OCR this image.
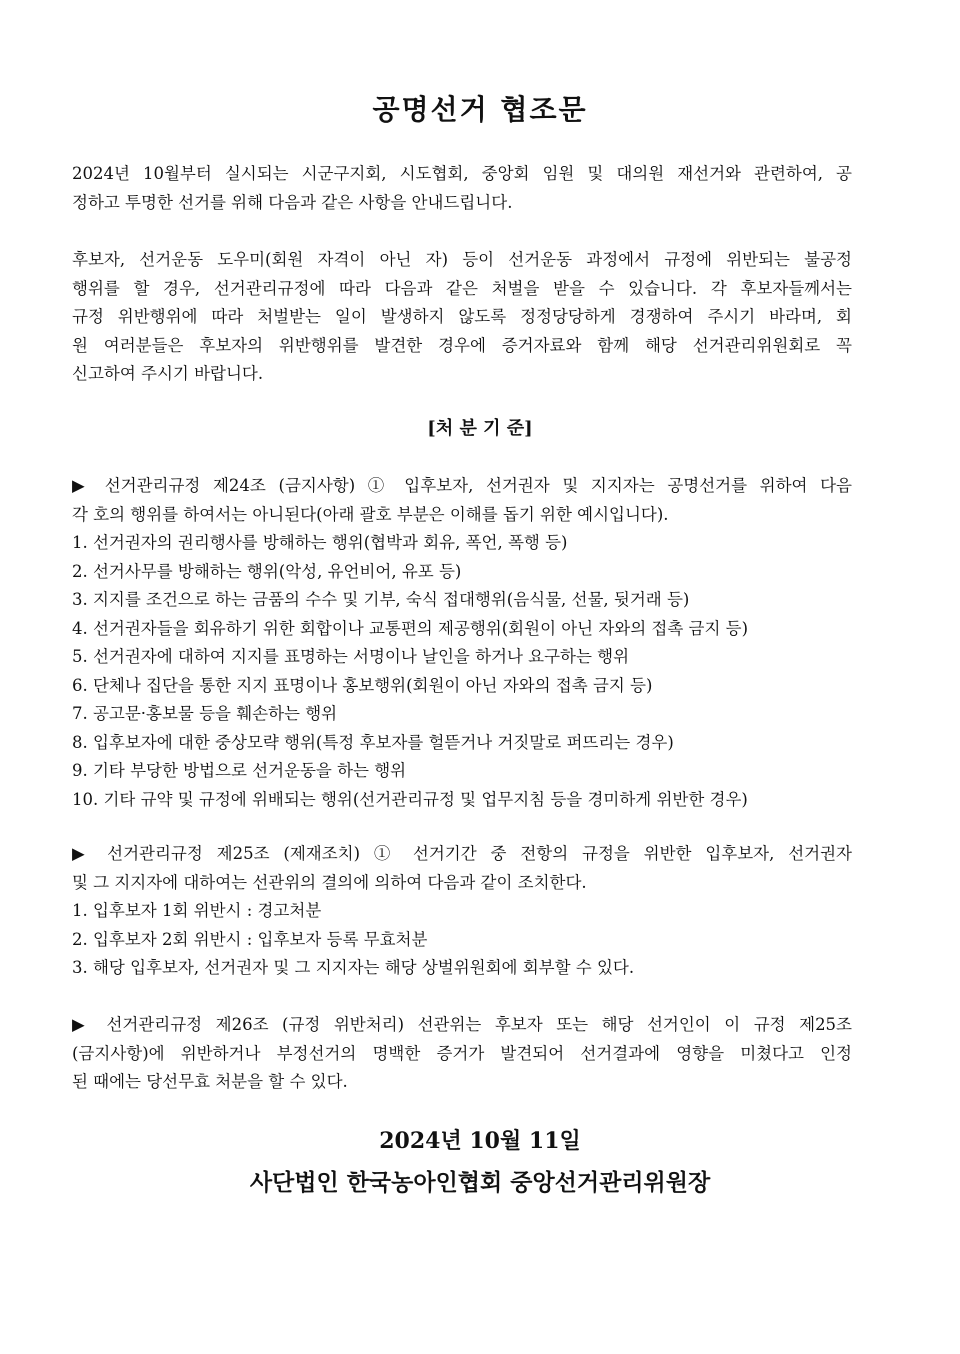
공명선거 협조문
2024년 10월부터 실시되는 시군구지회, 시도협회, 중앙회 임원 및 대의원 재선거와 관련하여, 공
정하고 투명한 선거를 위해 다음과 같은 사항을 안내드립니다.
후보자, 선거운동 도우미(회원 자격이 아닌 자) 등이 선거운동 과정에서 규정에 위반되는 불공정
행위를 할 경우, 선거관리규정에 따라 다음과 같은 처벌을 받을 수 있습니다. 각 후보자들께서는
규정 위반행위에 따라 처벌받는 일이 발생하지 않도록 정정당당하게 경쟁하여 주시기 바라며, 회
원 여러분들은 후보자의 위반행위를 발견한 경우에 증거자료와 함께 해당 선거관리위원회로 꼭
신고하여 주시기 바랍니다.
[처 분 기 준]
▶ 선거관리규정 제24조 (금지사항) ① 입후보자, 선거권자 및 지지자는 공명선거를 위하여 다음
각 호의 행위를 하여서는 아니된다(아래 괄호 부분은 이해를 돕기 위한 예시입니다).
1. 선거권자의 권리행사를 방해하는 행위(협박과 회유, 폭언, 폭행 등)
2. 선거사무를 방해하는 행위(악성, 유언비어, 유포 등)
3. 지지를 조건으로 하는 금품의 수수 및 기부, 숙식 접대행위(음식물, 선물, 뒷거래 등)
4. 선거권자들을 회유하기 위한 회합이나 교통편의 제공행위(회원이 아닌 자와의 접촉 금지 등)
5. 선거권자에 대하여 지지를 표명하는 서명이나 날인을 하거나 요구하는 행위
6. 단체나 집단을 통한 지지 표명이나 홍보행위(회원이 아닌 자와의 접촉 금지 등)
7. 공고문·홍보물 등을 훼손하는 행위
8. 입후보자에 대한 중상모략 행위(특정 후보자를 헐뜯거나 거짓말로 퍼뜨리는 경우)
9. 기타 부당한 방법으로 선거운동을 하는 행위
10. 기타 규약 및 규정에 위배되는 행위(선거관리규정 및 업무지침 등을 경미하게 위반한 경우)
▶ 선거관리규정 제25조 (제재조치) ① 선거기간 중 전항의 규정을 위반한 입후보자, 선거권자
및 그 지지자에 대하여는 선관위의 결의에 의하여 다음과 같이 조치한다.
1. 입후보자 1회 위반시 : 경고처분
2. 입후보자 2회 위반시 : 입후보자 등록 무효처분
3. 해당 입후보자, 선거권자 및 그 지지자는 해당 상벌위원회에 회부할 수 있다.
▶ 선거관리규정 제26조 (규정 위반처리) 선관위는 후보자 또는 해당 선거인이 이 규정 제25조
(금지사항)에 위반하거나 부정선거의 명백한 증거가 발견되어 선거결과에 영향을 미쳤다고 인정
된 때에는 당선무효 처분을 할 수 있다.
2024년 10월 11일
사단법인 한국농아인협회 중앙선거관리위원장
